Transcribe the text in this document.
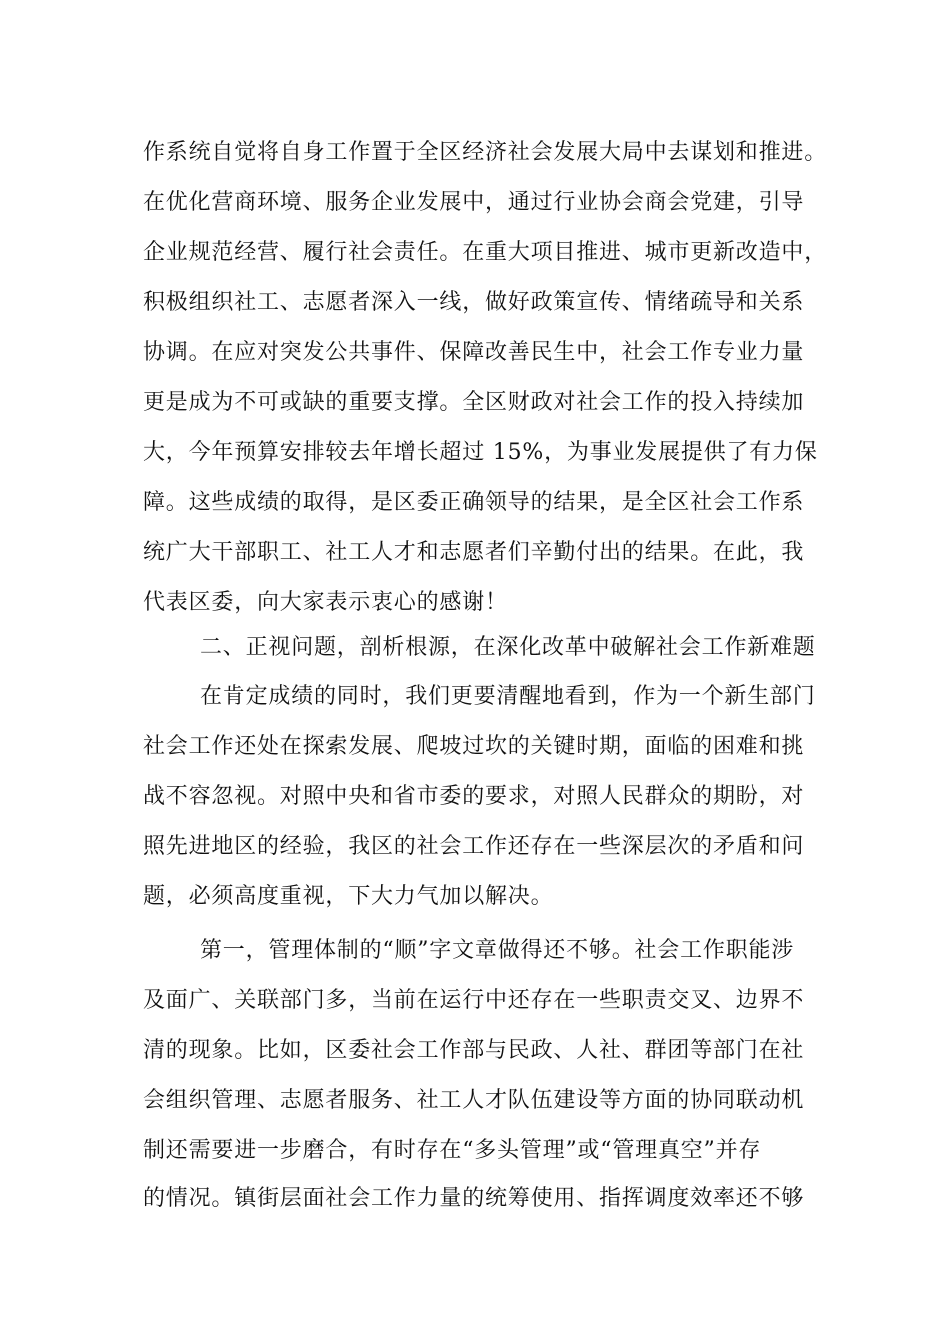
作系统自觉将自身工作置于全区经济社会发展大局中去谋划和推进。
在优化营商环境、服务企业发展中，通过行业协会商会党建，引导
企业规范经营、履行社会责任。在重大项目推进、城市更新改造中，
积极组织社工、志愿者深入一线，做好政策宣传、情绪疏导和关系
协调。在应对突发公共事件、保障改善民生中，社会工作专业力量
更是成为不可或缺的重要支撑。全区财政对社会工作的投入持续加
大，今年预算安排较去年增长超过 15%，为事业发展提供了有力保
障。这些成绩的取得，是区委正确领导的结果，是全区社会工作系
统广大干部职工、社工人才和志愿者们辛勤付出的结果。在此，我
代表区委，向大家表示衷心的感谢！
二、正视问题，剖析根源，在深化改革中破解社会工作新难题
在肯定成绩的同时，我们更要清醒地看到，作为一个新生部门
社会工作还处在探索发展、爬坡过坎的关键时期，面临的困难和挑
战不容忽视。对照中央和省市委的要求，对照人民群众的期盼，对
照先进地区的经验，我区的社会工作还存在一些深层次的矛盾和问
题，必须高度重视，下大力气加以解决。
第一，管理体制的“顺”字文章做得还不够。社会工作职能涉
及面广、关联部门多，当前在运行中还存在一些职责交叉、边界不
清的现象。比如，区委社会工作部与民政、人社、群团等部门在社
会组织管理、志愿者服务、社工人才队伍建设等方面的协同联动机
制还需要进一步磨合，有时存在“多头管理”或“管理真空”并存
的情况。镇街层面社会工作力量的统筹使用、指挥调度效率还不够
